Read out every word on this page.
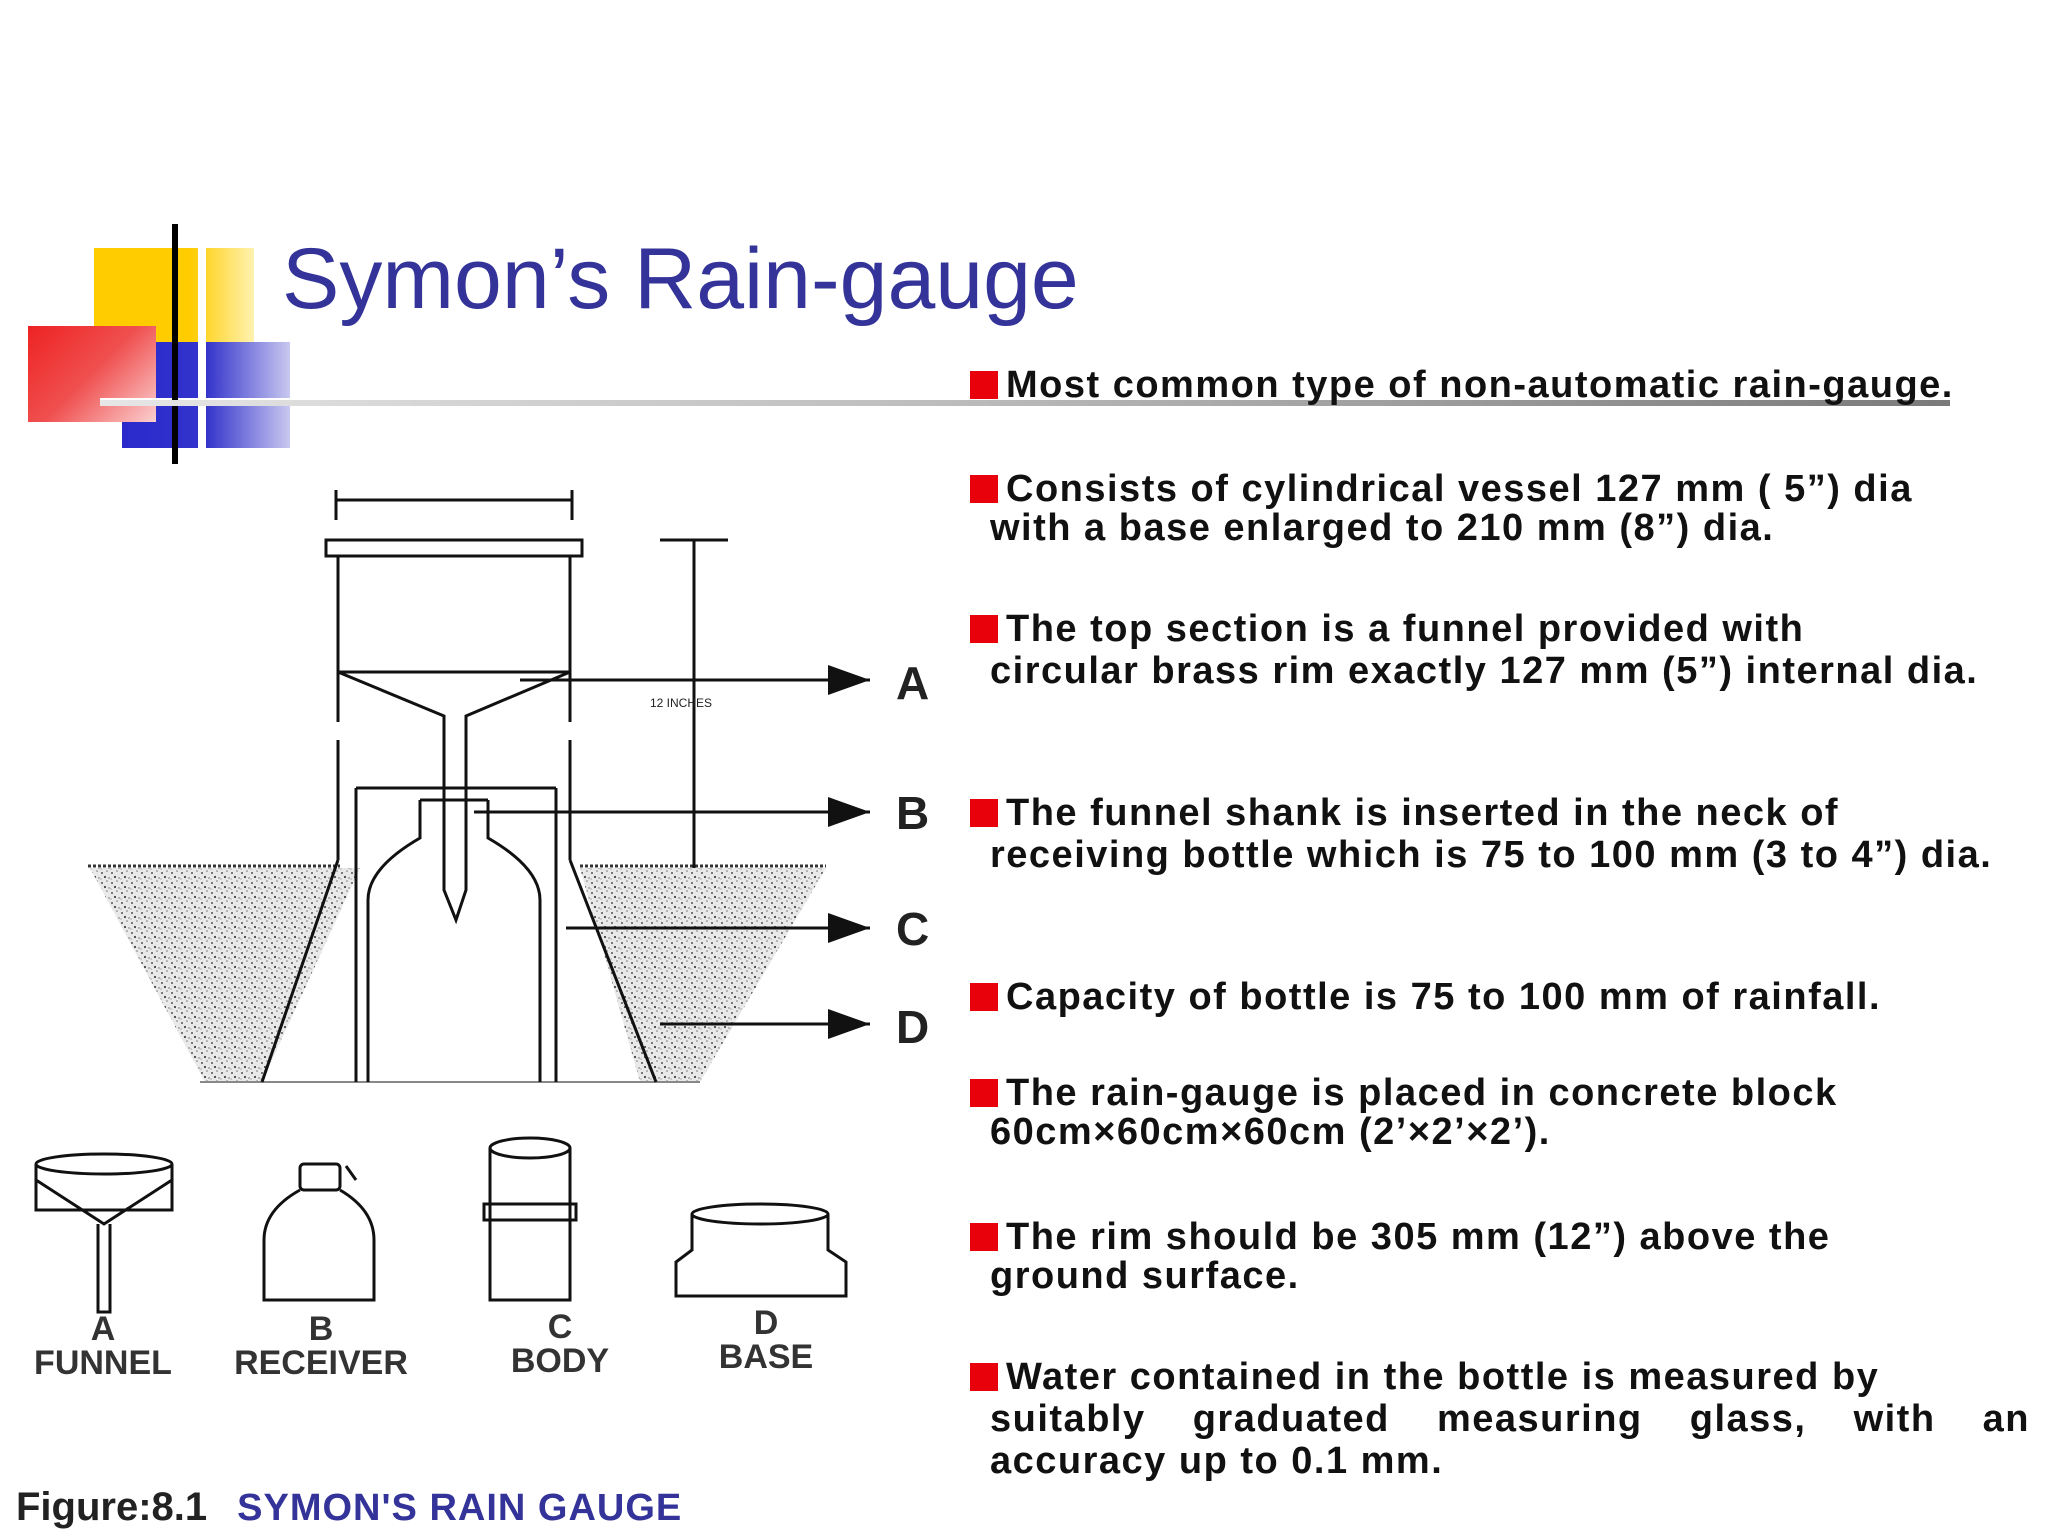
Symon’s Rain-gauge
Most common type of non-automatic rain-gauge.
Consists of cylindrical vessel 127 mm ( 5”) dia
with a base enlarged to 210 mm (8”) dia.
The top section is a funnel provided with
circular brass rim exactly 127 mm (5”) internal dia.
The funnel shank is inserted in the neck of
receiving bottle which is 75 to 100 mm (3 to 4”) dia.
Capacity of bottle is 75 to 100 mm of rainfall.
The rain-gauge is placed in concrete block
60cm×60cm×60cm (2’×2’×2’).
The rim should be 305 mm (12”) above the
ground surface.
Water contained in the bottle is measured by
suitably graduated measuring glass, with an accuracy up to 0.1 mm.
12 INCHES	A
B
C
D
A
FUNNEL
B
RECEIVER
C
BODY
D
BASE
Figure:8.1 SYMON'S RAIN GAUGE
